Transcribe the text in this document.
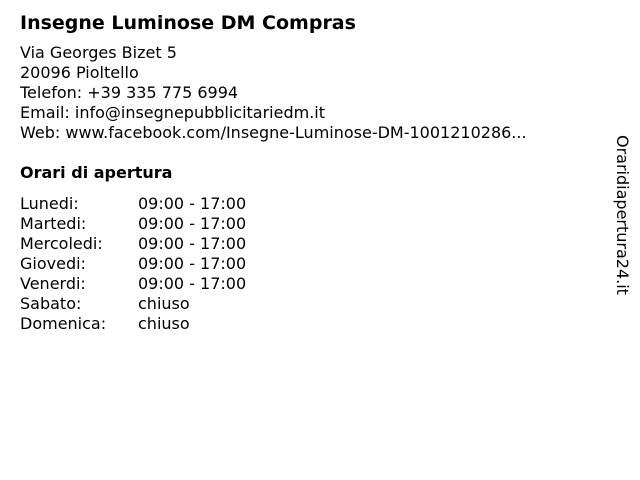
Insegne Luminose DM Compras
Via Georges Bizet 5
20096 Pioltello
Telefon: +39 335 775 6994
Email: info@insegnepubblicitariedm.it
Web: www.facebook.com/Insegne-Luminose-DM-1001210286...
Orari di apertura
Lunedi:	09:00 - 17:00
Martedi:	09:00 - 17:00
Mercoledi:	09:00 - 17:00
Giovedi:	09:00 - 17:00
Venerdi:	09:00 - 17:00
Sabato:	chiuso
Domenica:	chiuso
Oraridiapertura24.it
